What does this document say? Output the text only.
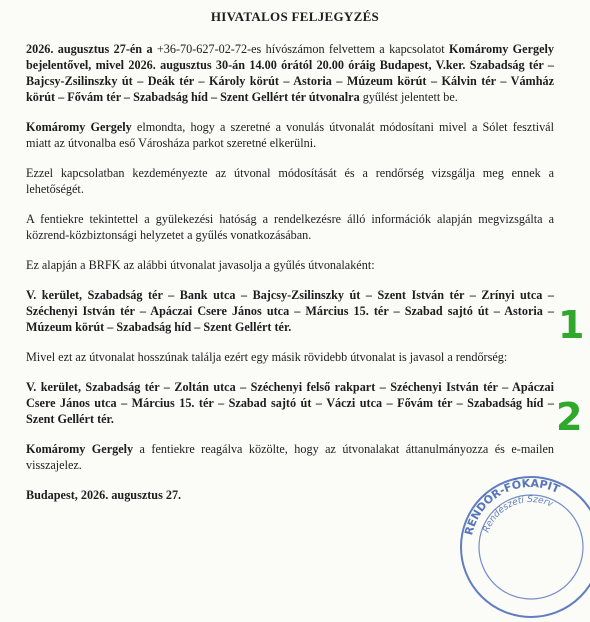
HIVATALOS FELJEGYZÉS

2026. augusztus 27-én a +36-70-627-02-72-es hívószámon felvettem a kapcsolatot Komáromy Gergely bejelentővel, mivel 2026. augusztus 30-án 14.00 órától 20.00 óráig Budapest, V.ker. Szabadság tér – Bajcsy-Zsilinszky út – Deák tér – Károly körút – Astoria – Múzeum körút – Kálvin tér – Vámház körút – Fővám tér – Szabadság híd – Szent Gellért tér útvonalra gyűlést jelentett be.

Komáromy Gergely elmondta, hogy a szeretné a vonulás útvonalát módosítani mivel a Sólet fesztivál miatt az útvonalba eső Városháza parkot szeretné elkerülni.

Ezzel kapcsolatban kezdeményezte az útvonal módosítását és a rendőrség vizsgálja meg ennek a lehetőségét.

A fentiekre tekintettel a gyülekezési hatóság a rendelkezésre álló információk alapján megvizsgálta a közrend-közbiztonsági helyzetet a gyűlés vonatkozásában.

Ez alapján a BRFK az alábbi útvonalat javasolja a gyűlés útvonalaként:

V. kerület, Szabadság tér – Bank utca – Bajcsy-Zsilinszky út – Szent István tér – Zrínyi utca – Széchenyi István tér – Apáczai Csere János utca – Március 15. tér – Szabad sajtó út – Astoria – Múzeum körút – Szabadság híd – Szent Gellért tér.

Mivel ezt az útvonalat hosszúnak találja ezért egy másik rövidebb útvonalat is javasol a rendőrség:

V. kerület, Szabadság tér – Zoltán utca – Széchenyi felső rakpart – Széchenyi István tér – Apáczai Csere János utca – Március 15. tér – Szabad sajtó út – Váczi utca – Fővám tér – Szabadság híd – Szent Gellért tér.

Komáromy Gergely a fentiekre reagálva közölte, hogy az útvonalakat áttanulmányozza és e-mailen visszajelez.

Budapest, 2026. augusztus 27.
1
2
RENDŐR-FŐKAPIT
Rendészeti Szerv
